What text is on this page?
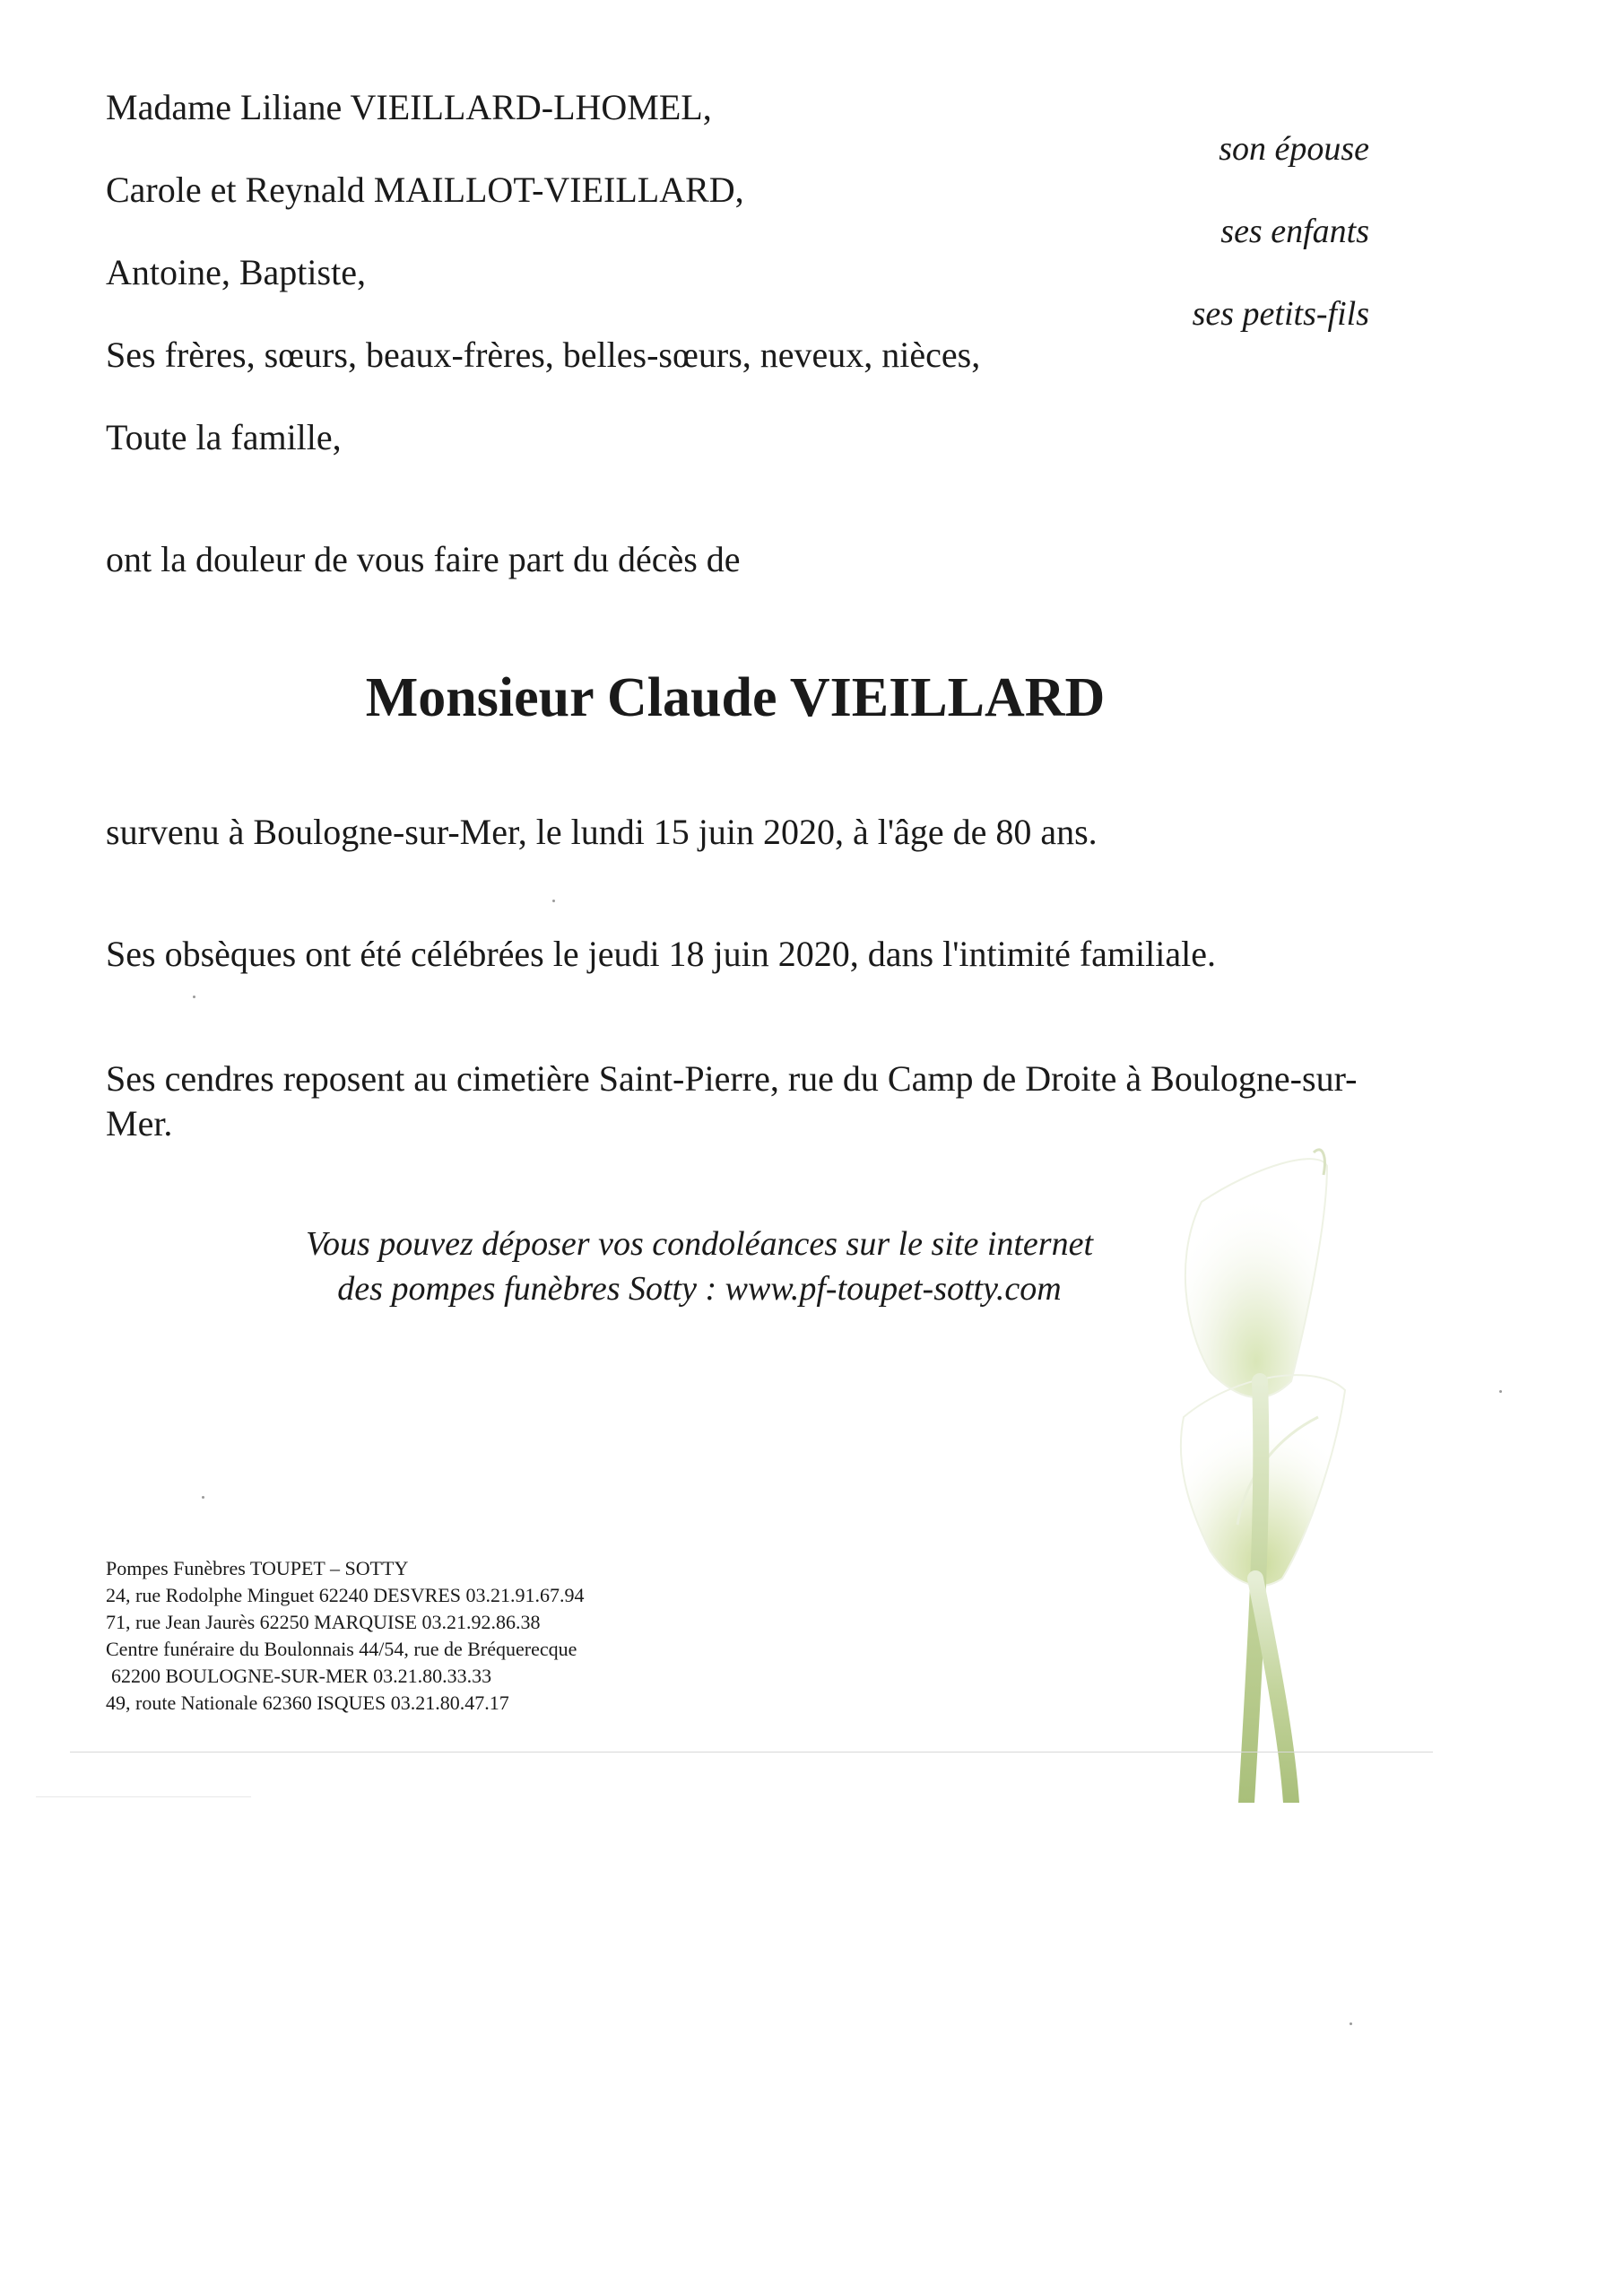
Madame Liliane VIEILLARD-LHOMEL,
Carole et Reynald MAILLOT-VIEILLARD,
Antoine, Baptiste,
Ses frères, sœurs, beaux-frères, belles-sœurs, neveux, nièces,
Toute la famille,
son épouse
ses enfants
ses petits-fils
ont la douleur de vous faire part du décès de
Monsieur Claude VIEILLARD
survenu à Boulogne-sur-Mer, le lundi 15 juin 2020, à l'âge de 80 ans.
Ses obsèques ont été célébrées le jeudi 18 juin 2020, dans l'intimité familiale.
Ses cendres reposent au cimetière Saint-Pierre, rue du Camp de Droite à Boulogne-sur-Mer.
Vous pouvez déposer vos condoléances sur le site internet
des pompes funèbres Sotty : www.pf-toupet-sotty.com
Pompes Funèbres TOUPET – SOTTY
24, rue Rodolphe Minguet 62240 DESVRES 03.21.91.67.94
71, rue Jean Jaurès 62250 MARQUISE 03.21.92.86.38
Centre funéraire du Boulonnais 44/54, rue de Bréquerecque
62200 BOULOGNE-SUR-MER 03.21.80.33.33
49, route Nationale 62360 ISQUES 03.21.80.47.17
